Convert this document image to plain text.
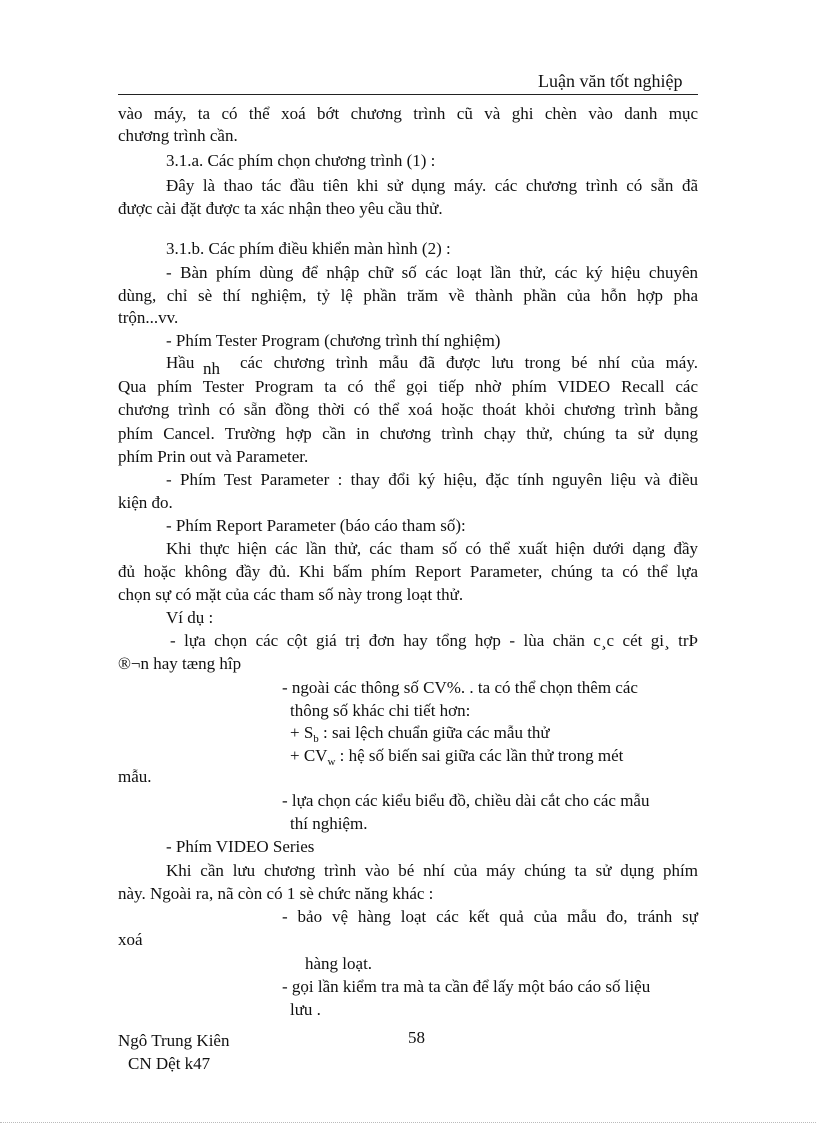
Luận văn tốt nghiệp
vào máy, ta có thể xoá bớt chương trình cũ và ghi chèn vào danh mục
chương trình cần.
3.1.a. Các phím chọn chương trình (1) :
Đây là thao tác đầu tiên khi sử dụng máy. các chương trình có sẵn đã
được cài đặt được ta xác nhận theo yêu cầu thử.
3.1.b. Các phím điều khiển màn hình (2) :
- Bàn phím dùng để nhập chữ số các loạt lần thử, các ký hiệu chuyên
dùng, chỉ sè thí nghiệm, tỷ lệ phần trăm về thành phần của hỗn hợp pha
trộn...vv.
- Phím Tester Program (chương trình thí nghiệm)
Hầu nh các chương trình mẫu đã được lưu trong bé nhí của máy.
Qua phím Tester Program ta có thể gọi tiếp nhờ phím VIDEO Recall các
chương trình có sẵn đồng thời có thể xoá hoặc thoát khỏi chương trình bằng
phím Cancel. Trường hợp cần in chương trình chạy thử, chúng ta sử dụng
phím Prin out và Parameter.
- Phím Test Parameter : thay đổi ký hiệu, đặc tính nguyên liệu và điều
kiện đo.
- Phím Report Parameter (báo cáo tham số):
Khi thực hiện các lần thử, các tham số có thể xuất hiện dưới dạng đầy
đủ hoặc không đầy đủ. Khi bấm phím Report Parameter, chúng ta có thể lựa
chọn sự có mặt của các tham số này trong loạt thử.
Ví dụ :
- lựa chọn các cột giá trị đơn hay tổng hợp - lùa chän c¸c cét gi¸ trÞ
®¬n hay tæng hîp
- ngoài các thông số CV%. . ta có thể chọn thêm các
thông số khác chi tiết hơn:
+ $S_b$ : sai lệch chuẩn giữa các mẫu thử
+ $CV_w$ : hệ số biến sai giữa các lần thử trong mét
mẫu.
- lựa chọn các kiểu biểu đồ, chiều dài cắt cho các mẫu
thí nghiệm.
- Phím VIDEO Series
Khi cần lưu chương trình vào bé nhí của máy chúng ta sử dụng phím
này. Ngoài ra, nã còn có 1 sè chức năng khác :
- bảo vệ hàng loạt các kết quả của mẫu đo, tránh sự
xoá
hàng loạt.
- gọi lần kiểm tra mà ta cần để lấy một báo cáo số liệu
lưu .
Ngô Trung Kiên	58
CN Dệt k47
